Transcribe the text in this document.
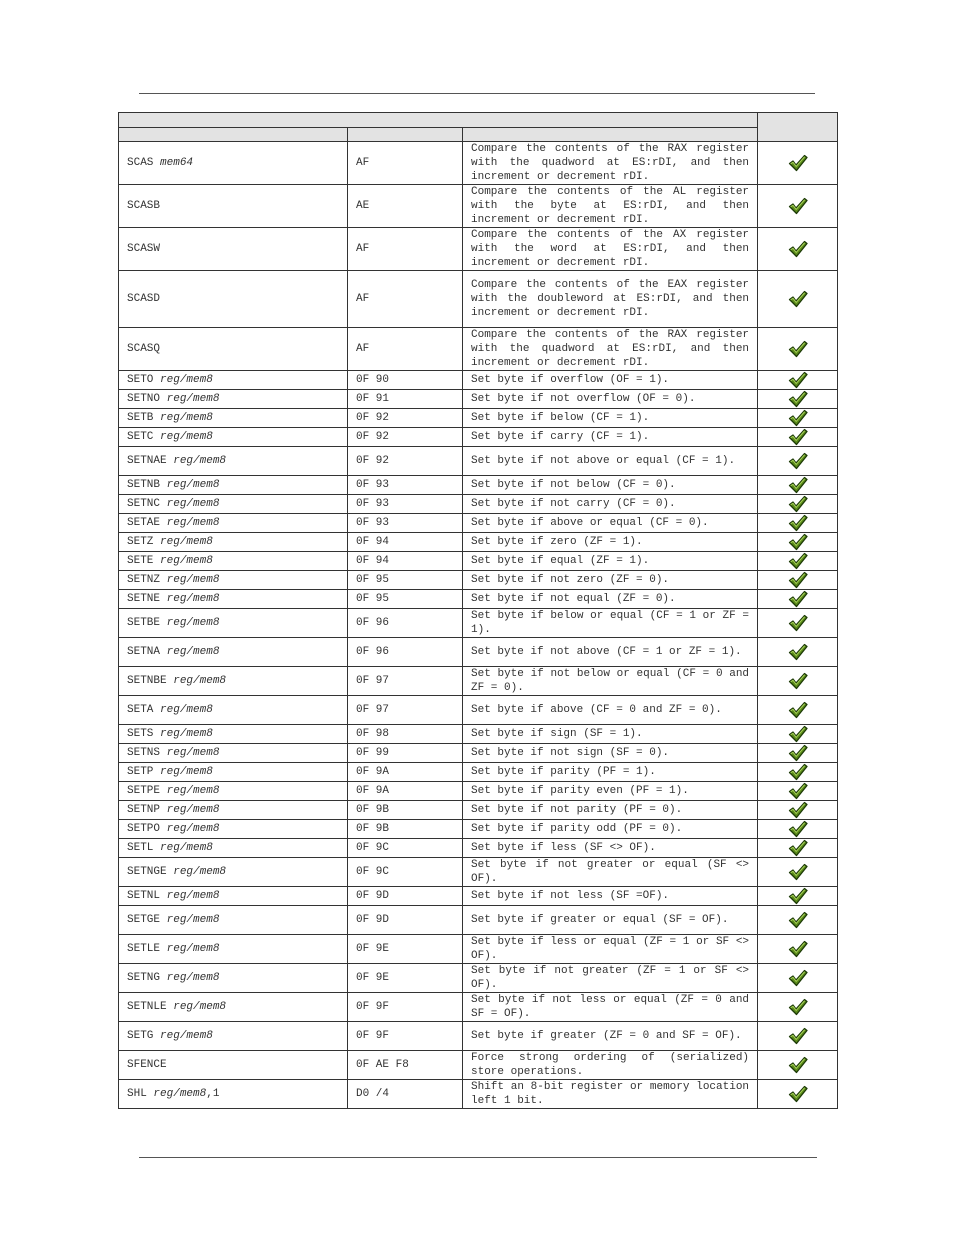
SCAS mem64	AF	Compare the contents of the RAX register with the quadword at ES:rDI, and then increment or decrement rDI.	

SCASB	AE	Compare the contents of the AL register with the byte at ES:rDI, and then increment or decrement rDI.	

SCASW	AF	Compare the contents of the AX register with the word at ES:rDI, and then increment or decrement rDI.	

SCASD	AF	Compare the contents of the EAX register with the doubleword at ES:rDI, and then increment or decrement rDI.	

SCASQ	AF	Compare the contents of the RAX register with the quadword at ES:rDI, and then increment or decrement rDI.	

SETO reg/mem8	0F 90	Set byte if overflow (OF = 1).	

SETNO reg/mem8	0F 91	Set byte if not overflow (OF = 0).	

SETB reg/mem8	0F 92	Set byte if below (CF = 1).	

SETC reg/mem8	0F 92	Set byte if carry (CF = 1).	

SETNAE reg/mem8	0F 92	Set byte if not above or equal (CF = 1).	

SETNB reg/mem8	0F 93	Set byte if not below (CF = 0).	

SETNC reg/mem8	0F 93	Set byte if not carry (CF = 0).	

SETAE reg/mem8	0F 93	Set byte if above or equal (CF = 0).	

SETZ reg/mem8	0F 94	Set byte if zero (ZF = 1).	

SETE reg/mem8	0F 94	Set byte if equal (ZF = 1).	

SETNZ reg/mem8	0F 95	Set byte if not zero (ZF = 0).	

SETNE reg/mem8	0F 95	Set byte if not equal (ZF = 0).	

SETBE reg/mem8	0F 96	Set byte if below or equal (CF = 1 or ZF = 1).	

SETNA reg/mem8	0F 96	Set byte if not above (CF = 1 or ZF = 1).	

SETNBE reg/mem8	0F 97	Set byte if not below or equal (CF = 0 and ZF = 0).	

SETA reg/mem8	0F 97	Set byte if above (CF = 0 and ZF = 0).	

SETS reg/mem8	0F 98	Set byte if sign (SF = 1).	

SETNS reg/mem8	0F 99	Set byte if not sign (SF = 0).	

SETP reg/mem8	0F 9A	Set byte if parity (PF = 1).	

SETPE reg/mem8	0F 9A	Set byte if parity even (PF = 1).	

SETNP reg/mem8	0F 9B	Set byte if not parity (PF = 0).	

SETPO reg/mem8	0F 9B	Set byte if parity odd (PF = 0).	

SETL reg/mem8	0F 9C	Set byte if less (SF <> OF).	

SETNGE reg/mem8	0F 9C	Set byte if not greater or equal (SF <> OF).	

SETNL reg/mem8	0F 9D	Set byte if not less (SF =OF).	

SETGE reg/mem8	0F 9D	Set byte if greater or equal (SF = OF).	

SETLE reg/mem8	0F 9E	Set byte if less or equal (ZF = 1 or SF <> OF).	

SETNG reg/mem8	0F 9E	Set byte if not greater (ZF = 1 or SF <> OF).	

SETNLE reg/mem8	0F 9F	Set byte if not less or equal (ZF = 0 and SF = OF).	

SETG reg/mem8	0F 9F	Set byte if greater (ZF = 0 and SF = OF).	

SFENCE	0F AE F8	Force strong ordering of (serialized) store operations.	

SHL reg/mem8,1	D0 /4	Shift an 8-bit register or memory location left 1 bit.	
